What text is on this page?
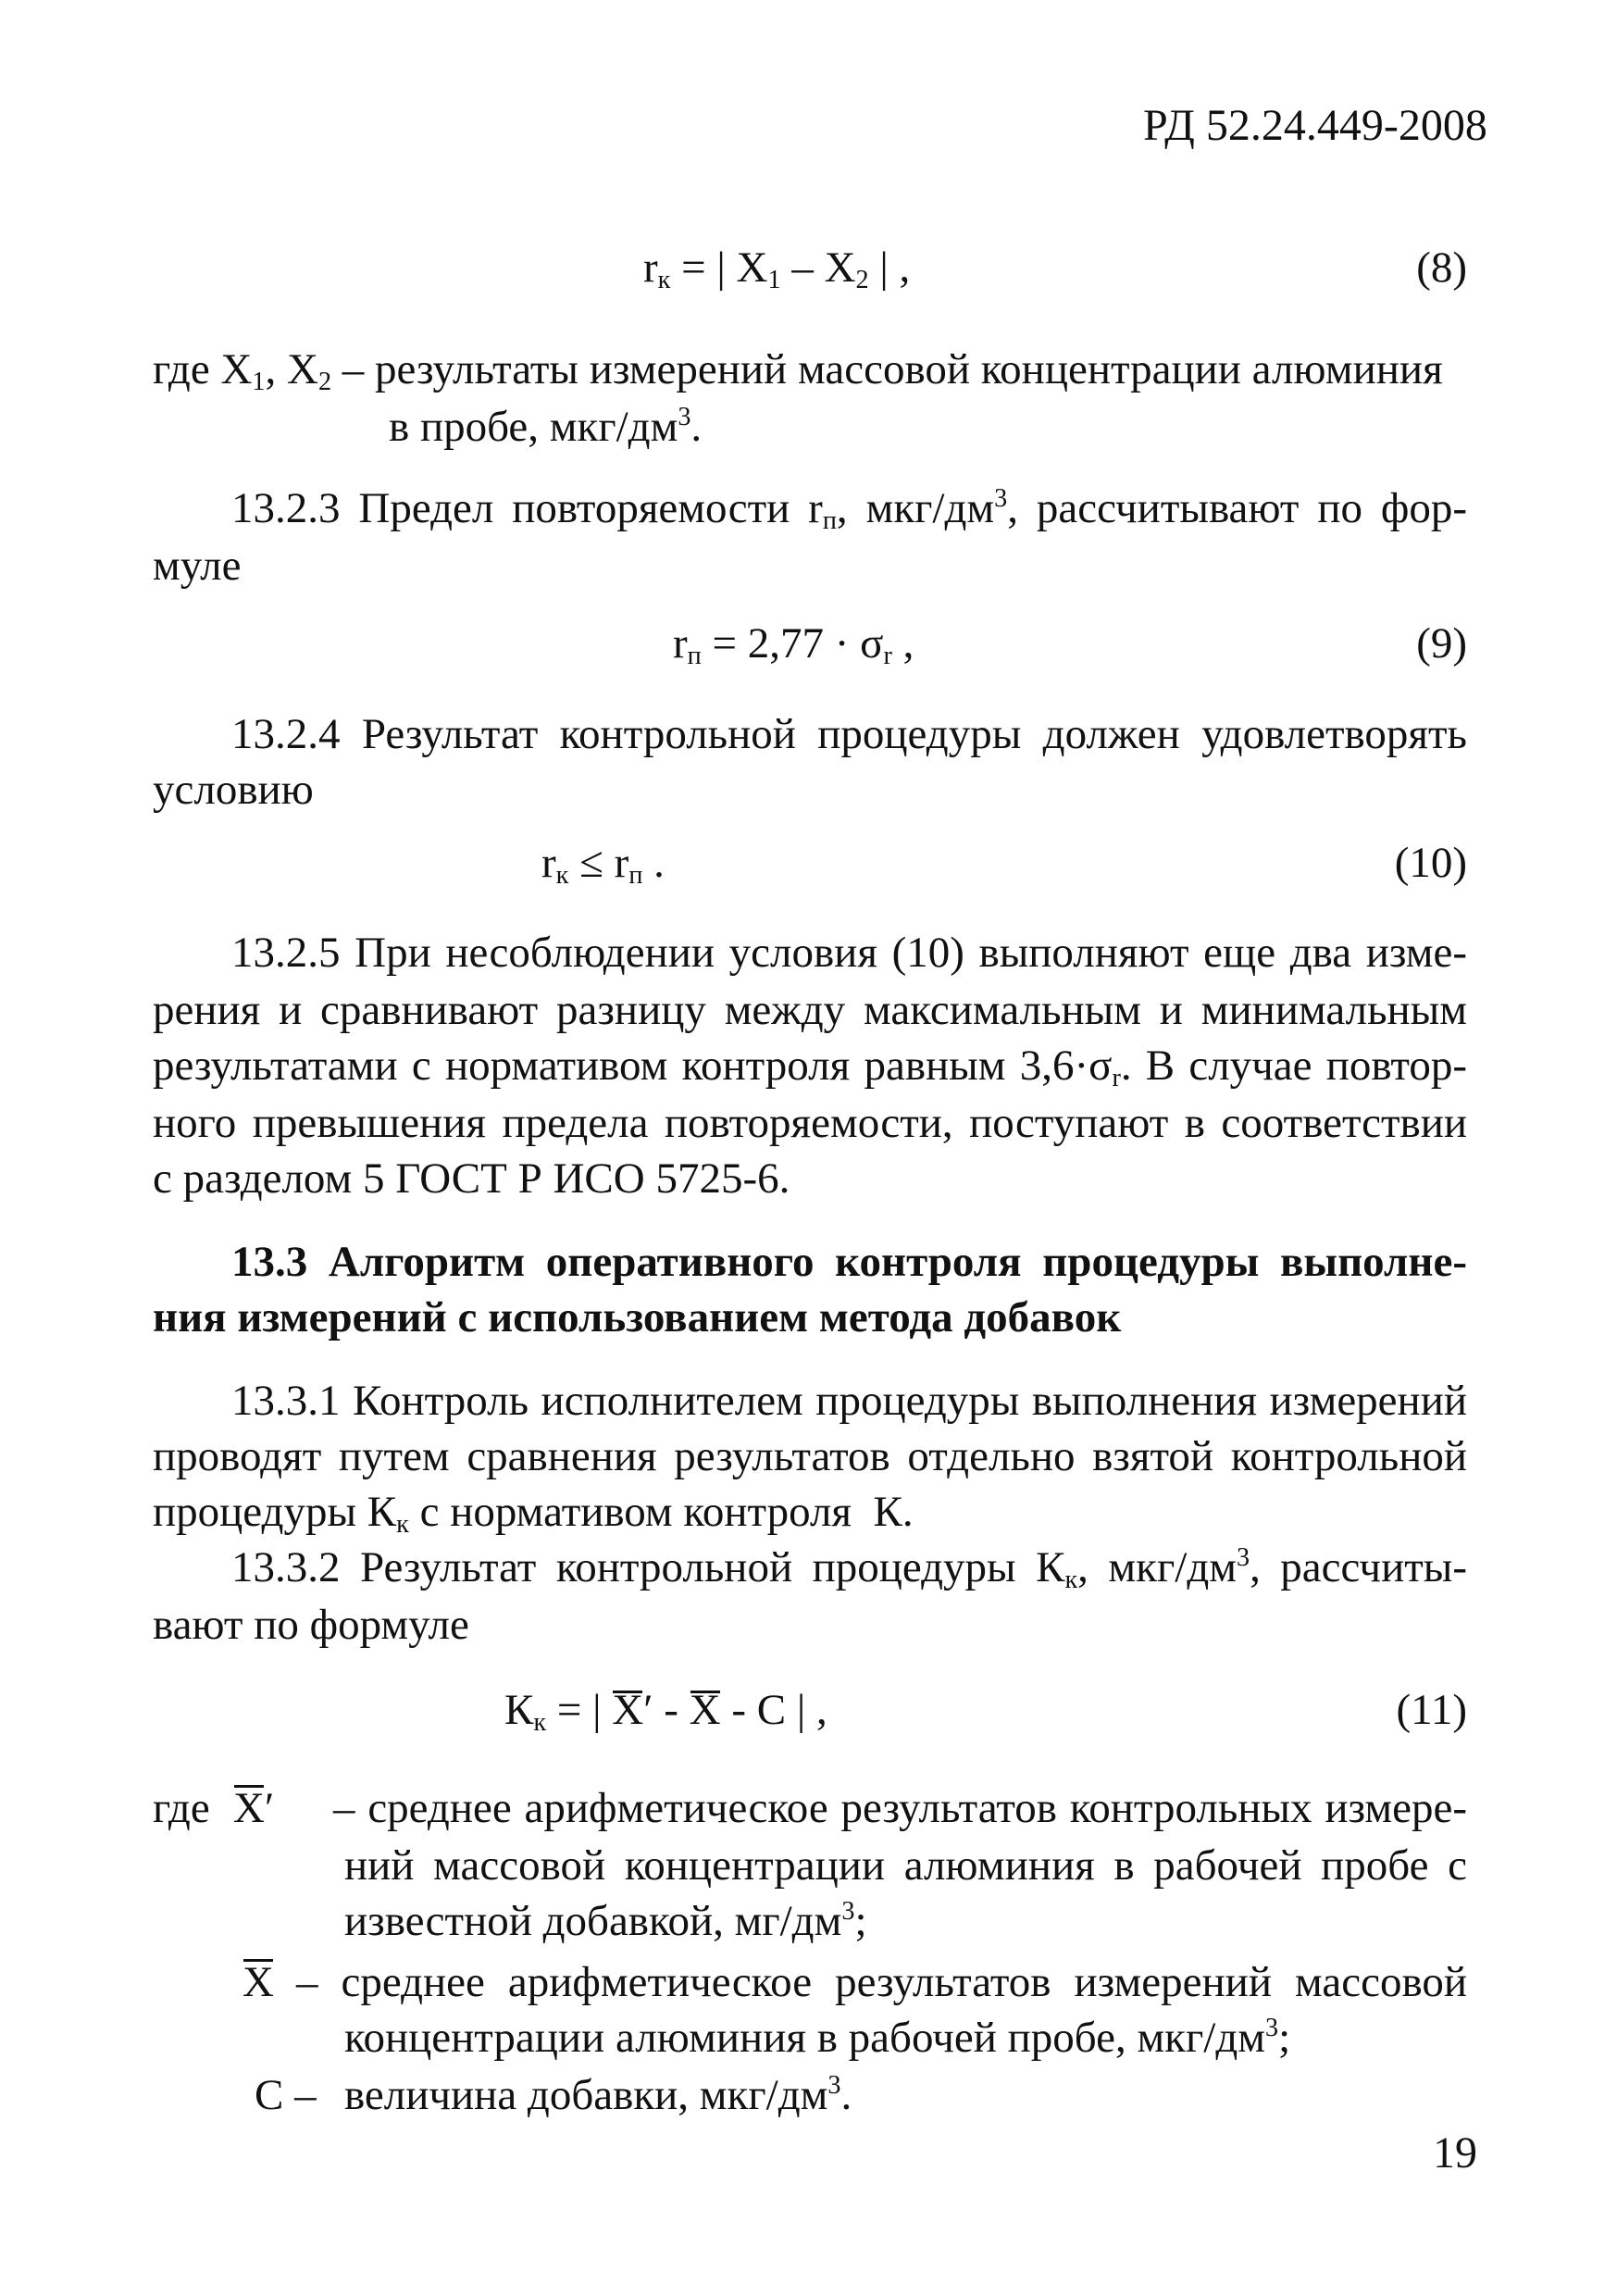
РД 52.24.449-2008
$r_к$ = | $X_1 - X_2$ | ,	(8)
где $X_1$, $X_2$ – результаты измерений массовой концентрации алюминия
в пробе, мкг/$дм^3$.
13.2.3 Предел повторяемости $r_п$, мкг/$дм^3$, рассчитывают по фор-
муле
$r_п = 2,77 \cdot \sigma_r$ ,	(9)
13.2.4 Результат контрольной процедуры должен удовлетворять
условию
$r_к \le r_п$ .	(10)
13.2.5 При несоблюдении условия (10) выполняют еще два изме-
рения и сравнивают разницу между максимальным и минимальным
результатами с нормативом контроля равным $3,6\cdot\sigma_r$. В случае повтор-
ного превышения предела повторяемости, поступают в соответствии
с разделом 5 ГОСТ Р ИСО 5725-6.
13.3 Алгоритм оперативного контроля процедуры выполне-
ния измерений с использованием метода добавок
13.3.1 Контроль исполнителем процедуры выполнения измерений
проводят путем сравнения результатов отдельно взятой контрольной
процедуры $К_к$ с нормативом контроля  К.
13.3.2 Результат контрольной процедуры $К_к$, мкг/$дм^3$, рассчиты-
вают по формуле
$К_к$ = | X′ - X - С | ,	(11)
где X′ – среднее арифметическое результатов контрольных измере-
ний массовой концентрации алюминия в рабочей пробе с
известной добавкой, $мг/дм^3$;
X – среднее арифметическое результатов измерений массовой
концентрации алюминия в рабочей пробе, мкг/$дм^3$;
С – величина добавки, мкг/$дм^3$.
19
